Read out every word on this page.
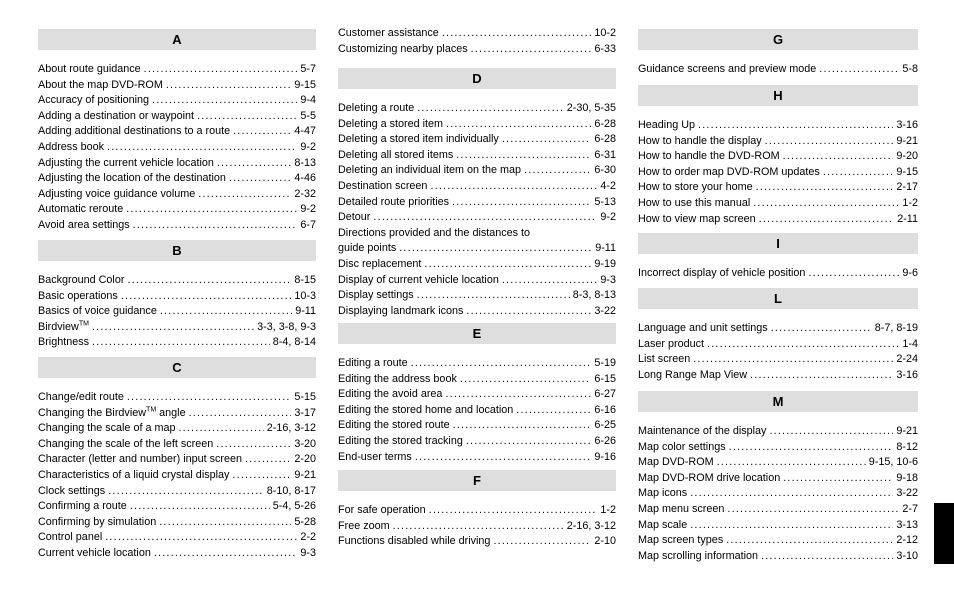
A
About route guidance .....	5-7
About the map DVD-ROM .....	9-15
Accuracy of positioning .....	9-4
Adding a destination or waypoint .....	5-5
Adding additional destinations to a route .....	4-47
Address book .....	9-2
Adjusting the current vehicle location .....	8-13
Adjusting the location of the destination .....	4-46
Adjusting voice guidance volume .....	2-32
Automatic reroute .....	9-2
Avoid area settings .....	6-7
B
Background Color .....	8-15
Basic operations .....	10-3
Basics of voice guidance .....	9-11
Birdview™ .....	3-3, 3-8, 9-3
Brightness .....	8-4, 8-14
C
Change/edit route .....	5-15
Changing the Birdview™ angle .....	3-17
Changing the scale of a map .....	2-16, 3-12
Changing the scale of the left screen .....	3-20
Character (letter and number) input screen .....	2-20
Characteristics of a liquid crystal display .....	9-21
Clock settings .....	8-10, 8-17
Confirming a route .....	5-4, 5-26
Confirming by simulation .....	5-28
Control panel .....	2-2
Current vehicle location .....	9-3
Customer assistance .....	10-2
Customizing nearby places .....	6-33
D
Deleting a route .....	2-30, 5-35
Deleting a stored item .....	6-28
Deleting a stored item individually .....	6-28
Deleting all stored items .....	6-31
Deleting an individual item on the map .....	6-30
Destination screen .....	4-2
Detailed route priorities .....	5-13
Detour .....	9-2
Directions provided and the distances to
guide points .....	9-11
Disc replacement .....	9-19
Display of current vehicle location .....	9-3
Display settings .....	8-3, 8-13
Displaying landmark icons .....	3-22
E
Editing a route .....	5-19
Editing the address book .....	6-15
Editing the avoid area .....	6-27
Editing the stored home and location .....	6-16
Editing the stored route .....	6-25
Editing the stored tracking .....	6-26
End-user terms .....	9-16
F
For safe operation .....	1-2
Free zoom .....	2-16, 3-12
Functions disabled while driving .....	2-10
G
Guidance screens and preview mode .....	5-8
H
Heading Up .....	3-16
How to handle the display .....	9-21
How to handle the DVD-ROM .....	9-20
How to order map DVD-ROM updates .....	9-15
How to store your home .....	2-17
How to use this manual .....	1-2
How to view map screen .....	2-11
I
Incorrect display of vehicle position .....	9-6
L
Language and unit settings .....	8-7, 8-19
Laser product .....	1-4
List screen .....	2-24
Long Range Map View .....	3-16
M
Maintenance of the display .....	9-21
Map color settings .....	8-12
Map DVD-ROM .....	9-15, 10-6
Map DVD-ROM drive location .....	9-18
Map icons .....	3-22
Map menu screen .....	2-7
Map scale .....	3-13
Map screen types .....	2-12
Map scrolling information .....	3-10
